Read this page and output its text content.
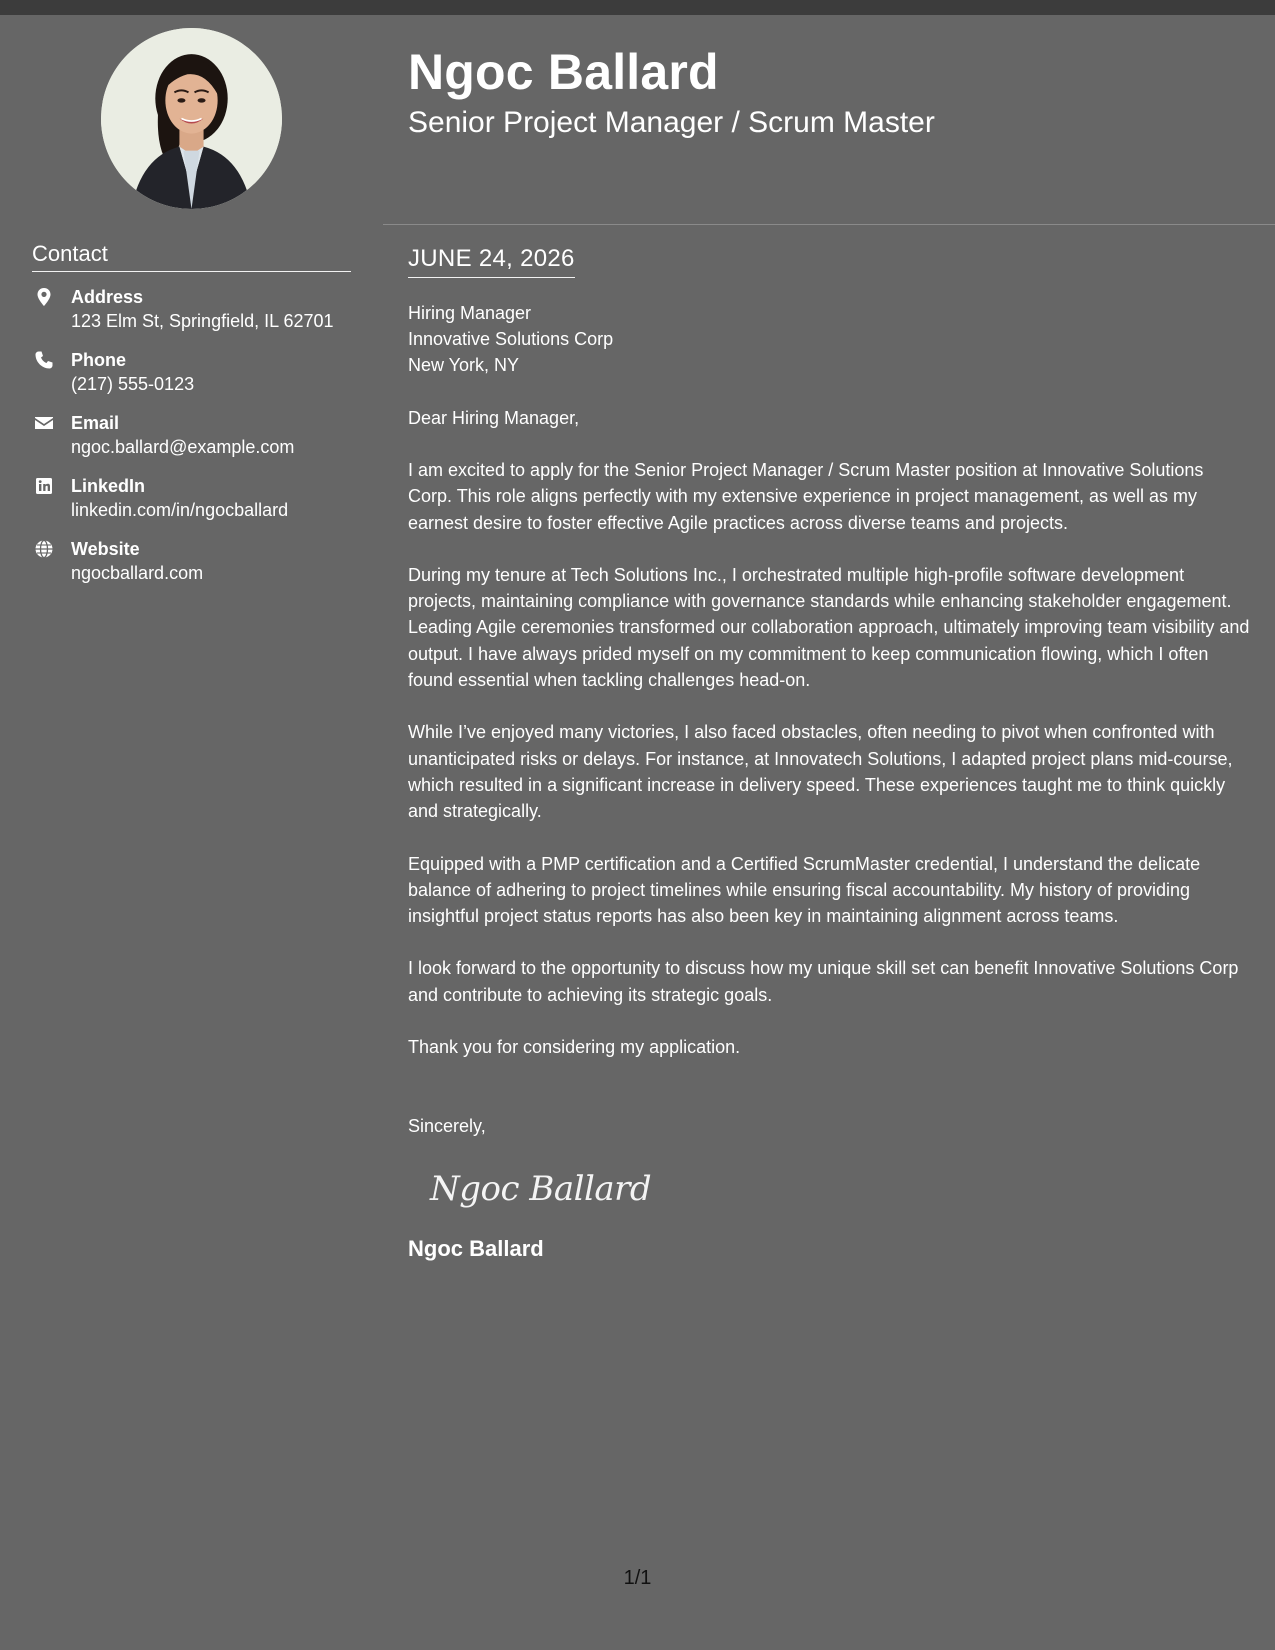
Contact
Address
123 Elm St, Springfield, IL 62701
Phone
(217) 555-0123
Email
ngoc.ballard@example.com
LinkedIn
linkedin.com/in/ngocballard
Website
ngocballard.com
Ngoc Ballard
Senior Project Manager / Scrum Master
JUNE 24, 2026
Hiring Manager
Innovative Solutions Corp
New York, NY
Dear Hiring Manager,
I am excited to apply for the Senior Project Manager / Scrum Master position at Innovative Solutions Corp. This role aligns perfectly with my extensive experience in project management, as well as my earnest desire to foster effective Agile practices across diverse teams and projects.
During my tenure at Tech Solutions Inc., I orchestrated multiple high-profile software development projects, maintaining compliance with governance standards while enhancing stakeholder engagement. Leading Agile ceremonies transformed our collaboration approach, ultimately improving team visibility and output. I have always prided myself on my commitment to keep communication flowing, which I often found essential when tackling challenges head-on.
While I’ve enjoyed many victories, I also faced obstacles, often needing to pivot when confronted with unanticipated risks or delays. For instance, at Innovatech Solutions, I adapted project plans mid-course, which resulted in a significant increase in delivery speed. These experiences taught me to think quickly and strategically.
Equipped with a PMP certification and a Certified ScrumMaster credential, I understand the delicate balance of adhering to project timelines while ensuring fiscal accountability. My history of providing insightful project status reports has also been key in maintaining alignment across teams.
I look forward to the opportunity to discuss how my unique skill set can benefit Innovative Solutions Corp and contribute to achieving its strategic goals.
Thank you for considering my application.
Sincerely,
Ngoc Ballard
Ngoc Ballard
1/1
